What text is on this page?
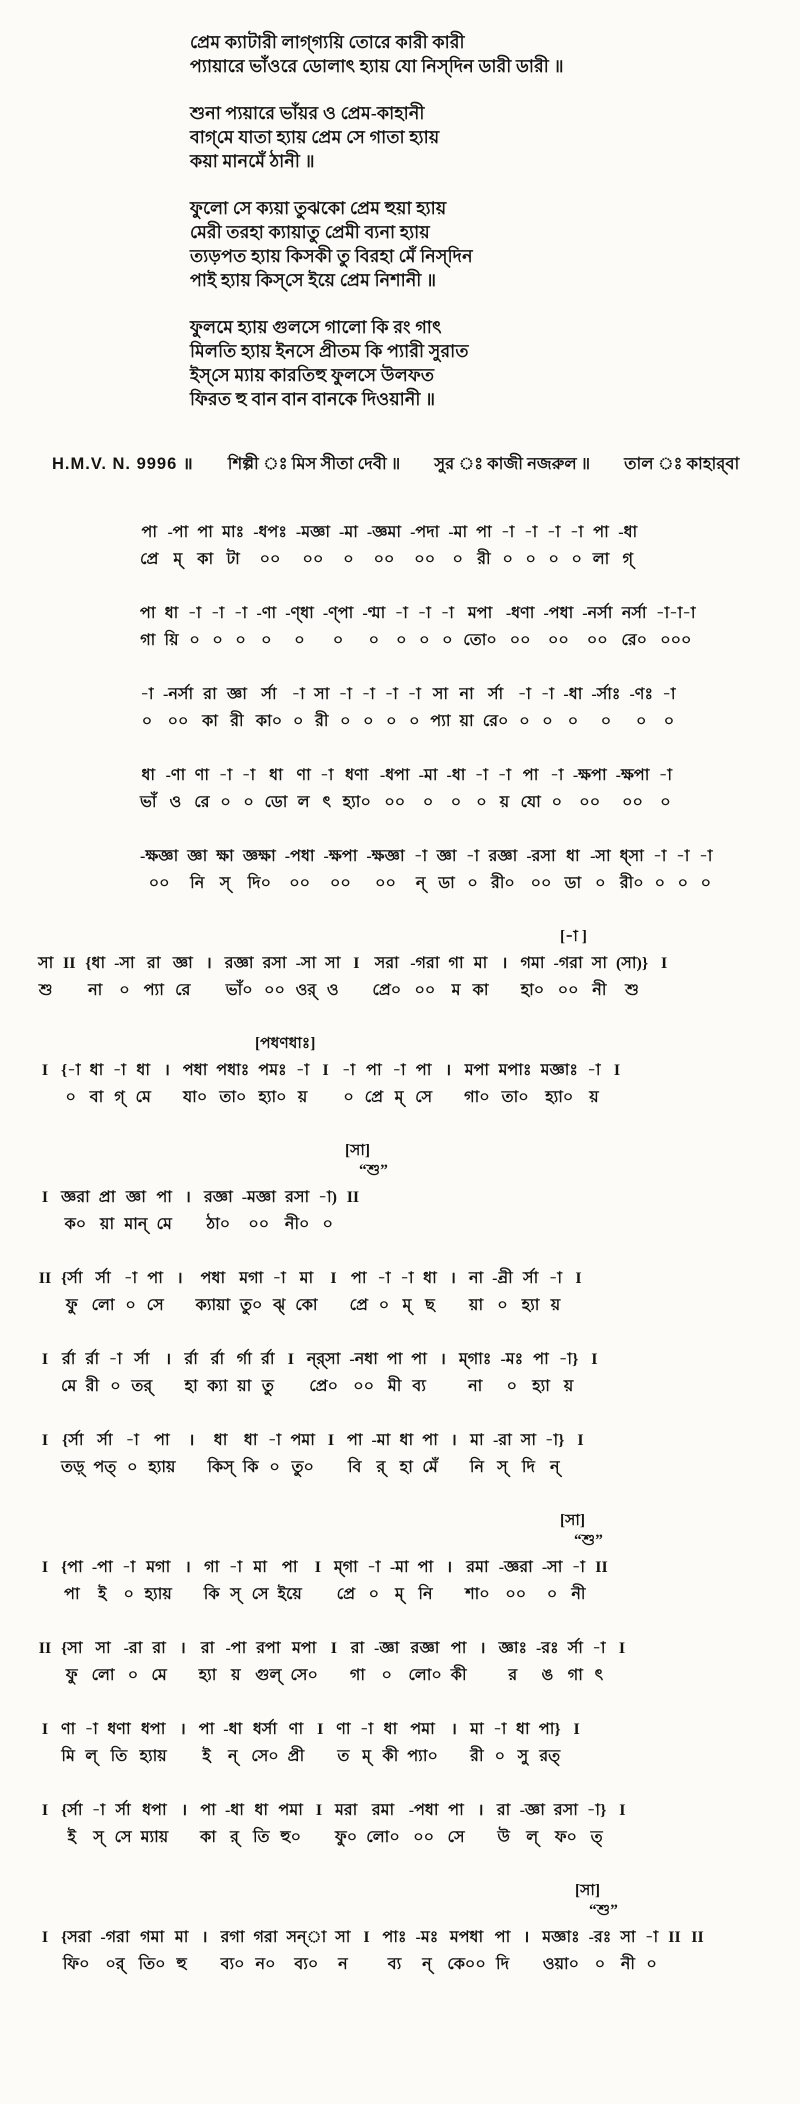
প্রেম ক্যাটারী লাগ্‌গ্যয়ি তোরে কারী কারী
প্যায়ারে ভাঁওরে ডোলাৎ হ্যায় যো নিস্‌দিন ডারী ডারী ॥
শুনা প্যয়ারে ভাঁয়র ও প্রেম-কাহানী
বাগ্‌মে যাতা হ্যায় প্রেম সে গাতা হ্যায়
কয়া মানমেঁ ঠানী ॥
ফুলো সে ক্যয়া তুঝকো প্রেম হুয়া হ্যায়
মেরী তরহা ক্যায়াতু প্রেমী ব্যনা হ্যায়
ত্যড়পত হ্যায় কিসকী তু বিরহা মেঁ নিস্‌দিন
পাই হ্যায় কিস্‌সে ইয়ে প্রেম নিশানী ॥
ফুলমে হ্যায় গুলসে গালো কি রং গাৎ
মিলতি হ্যায় ইনসে প্রীতম কি প্যারী সুরাত
ইস্‌সে ম্যায় কারতিহু ফুলসে উলফত
ফিরত হু বান বান বানকে দিওয়ানী ॥
H.M.V. N. 9996 ॥ শিল্পী ঃ মিস সীতা দেবী ॥ সুর ঃ কাজী নজরুল ॥ তাল ঃ কাহার্‌বা
পা
প্রে
-পা
ম্
পা
কা
মাঃ
টা
-ধপঃ
০০
-মজ্ঞা
০০
-মা
০
-জ্ঞমা
০০
-পদা
০০
-মা
০
পা
রী
-া
০
-া
০
-া
০
-া
০
পা
লা
-ধা
গ্
পা
গা
ধা
য়ি
-া
০
-া
০
-া
০
-ণা
০
-ণ্ধা
০
-ণ্পা
০
-ণ্মা
০
-া
০
-া
০
-া
০
মপা
তো০
-ধণা
০০
-পধা
০০
-নর্সা
০০
নর্সা
রে০
-া-া-া
০০০
-া
০
-নর্সা
০০
রা
কা
জ্ঞা
রী
র্সা
কা০
-া
০
সা
রী
-া
০
-া
০
-া
০
-া
০
সা
প্যা
না
য়া
র্সা
রে০
-া
০
-া
০
-ধা
০
-র্সাঃ
০
-ণঃ
০
-া
০
ধা
ভাঁ
-ণা
ও
ণা
রে
-া
০
-া
০
ধা
ডো
ণা
ল
-া
ৎ
ধণা
হ্যা০
-ধপা
০০
-মা
০
-ধা
০
-া
০
-া
য়
পা
যো
-া
০
-ক্ষপা
০০
-ক্ষপা
০০
-া
০
-ক্ষজ্ঞা
০০
জ্ঞা
নি
ক্ষা
স্
জ্ঞক্ষা
দি০
-পধা
০০
-ক্ষপা
০০
-ক্ষজ্ঞা
০০
-া
ন্
জ্ঞা
ডা
-া
০
রজ্ঞা
রী০
-রসা
০০
ধা
ডা
-সা
০
ধ্‌সা
রী০
-া
০
-া
০
-া
০
[-া ]
সা
শু
II {ধা
না
-সা
০
রা
প্যা
জ্ঞা
রে
। রজ্ঞা
ভাঁ০
রসা
০০
-সা
ওর্
সা
ও
I সরা
প্রে০
-গরা
০০
গা
ম
মা
কা
। গমা
হা০
-গরা
০০
সা
নী
(সা)}
শু
I
[পধণধাঃ]
I {-া
০
ধা
বা
-া
গ্
ধা
মে
। পধা
যা০
পধাঃ
তা০
পমঃ
হ্যা০
-া
য়
I -া
০
পা
প্রে
-া
ম্
পা
সে
। মপা
গা০
মপাঃ
তা০
মজ্ঞাঃ
হ্যা০
-া
য়
I
[সা]
“শু”
I জ্ঞরা
ক০
প্রা
য়া
জ্ঞা
মান্
পা
মে
। রজ্ঞা
ঠা০
-মজ্ঞা
০০
রসা
নী০
-া)
০
II
II {র্সা
ফু
র্সা
লো
-া
০
পা
সে
। পধা
ক্যায়া
মগা
তু০
-া
ঝ্
মা
কো
I পা
প্রে
-া
০
-া
ম্
ধা
ছ
। না
য়া
-ন্রী
০
র্সা
হ্যা
-া
য়
I
I র্রা
মে
র্রা
রী
-া
০
র্সা
তর্
। র্রা
হা
র্রা
ক্যা
র্গা
য়া
র্রা
তু
I ন্র্সা
প্রে০
-নধা
০০
পা
মী
পা
ব্য
। ম্গাঃ
না
-মঃ
০
পা
হ্যা
-া}
য়
I
I {র্সা
তড়্
র্সা
পত্
-া
০
পা
হ্যায়
। ধা
কিস্
ধা
কি
-া
০
পমা
তু০
I পা
বি
-মা
র্
ধা
হা
পা
মেঁ
। মা
নি
-রা
স্
সা
দি
-া}
ন্
I
[সা]
“শু”
I {পা
পা
-পা
ই
-া
০
মগা
হ্যায়
। গা
কি
-া
স্
মা
সে
পা
ইয়ে
I ম্গা
প্রে
-া
০
-মা
ম্
পা
নি
। রমা
শা০
-জ্ঞরা
০০
-সা
০
-া
নী
II
II {সা
ফু
সা
লো
-রা
০
রা
মে
। রা
হ্যা
-পা
য়
রপা
গুল্
মপা
সে০
I রা
গা
-জ্ঞা
০
রজ্ঞা
লো০
পা
কী
। জ্ঞাঃ
র
-রঃ
ঙ
র্সা
গা
-া
ৎ
I
I ণা
মি
-া
ল্
ধণা
তি
ধপা
হ্যায়
। পা
ই
-ধা
ন্
ধর্সা
সে০
ণা
প্রী
I ণা
ত
-া
ম্
ধা
কী
পমা
প্যা০
। মা
রী
-া
০
ধা
সু
পা}
রত্
I
I {র্সা
ই
-া
স্
র্সা
সে
ধপা
ম্যায়
। পা
কা
-ধা
র্
ধা
তি
পমা
হু০
I মরা
ফু০
রমা
লো০
-পধা
০০
পা
সে
। রা
উ
-জ্ঞা
ল্
রসা
ফ০
-া}
ত্
I
[সা]
“শু”
I {সরা
ফি০
-গরা
০র্
গমা
তি০
মা
হু
। রগা
ব্য০
গরা
ন০
সন্‌া
ব্য০
সা
ন
I পাঃ
ব্য
-মঃ
ন্
মপধা
কে০০
পা
দি
। মজ্ঞাঃ
ওয়া০
-রঃ
০
সা
নী
-া
০
II II
